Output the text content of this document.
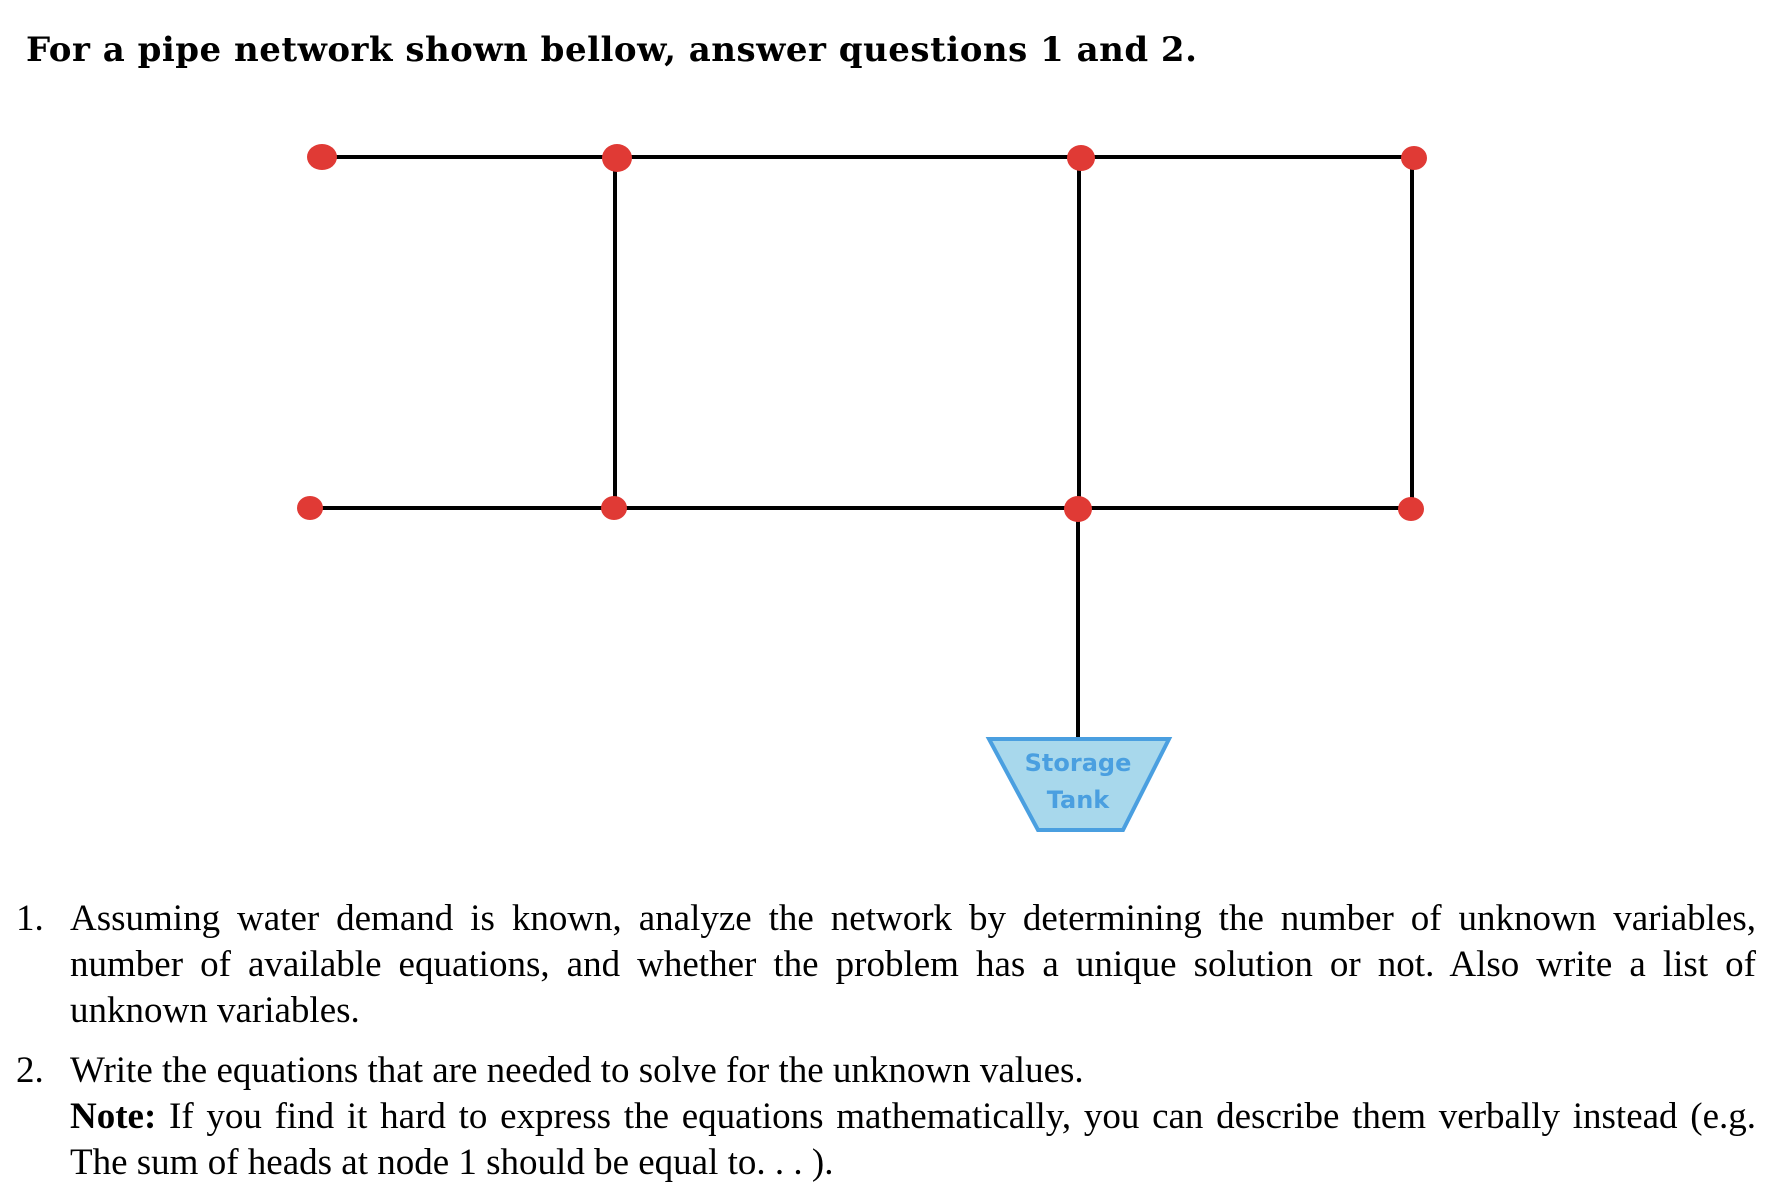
For a pipe network shown bellow, answer questions 1 and 2.
Storage
Tank
1. Assuming water demand is known, analyze the network by determining the number of unknown variables, number of available equations, and whether the problem has a unique solution or not. Also write a list of unknown variables.
2. Write the equations that are needed to solve for the unknown values.
Note: If you find it hard to express the equations mathematically, you can describe them verbally instead (e.g. The sum of heads at node 1 should be equal to. . . ).
